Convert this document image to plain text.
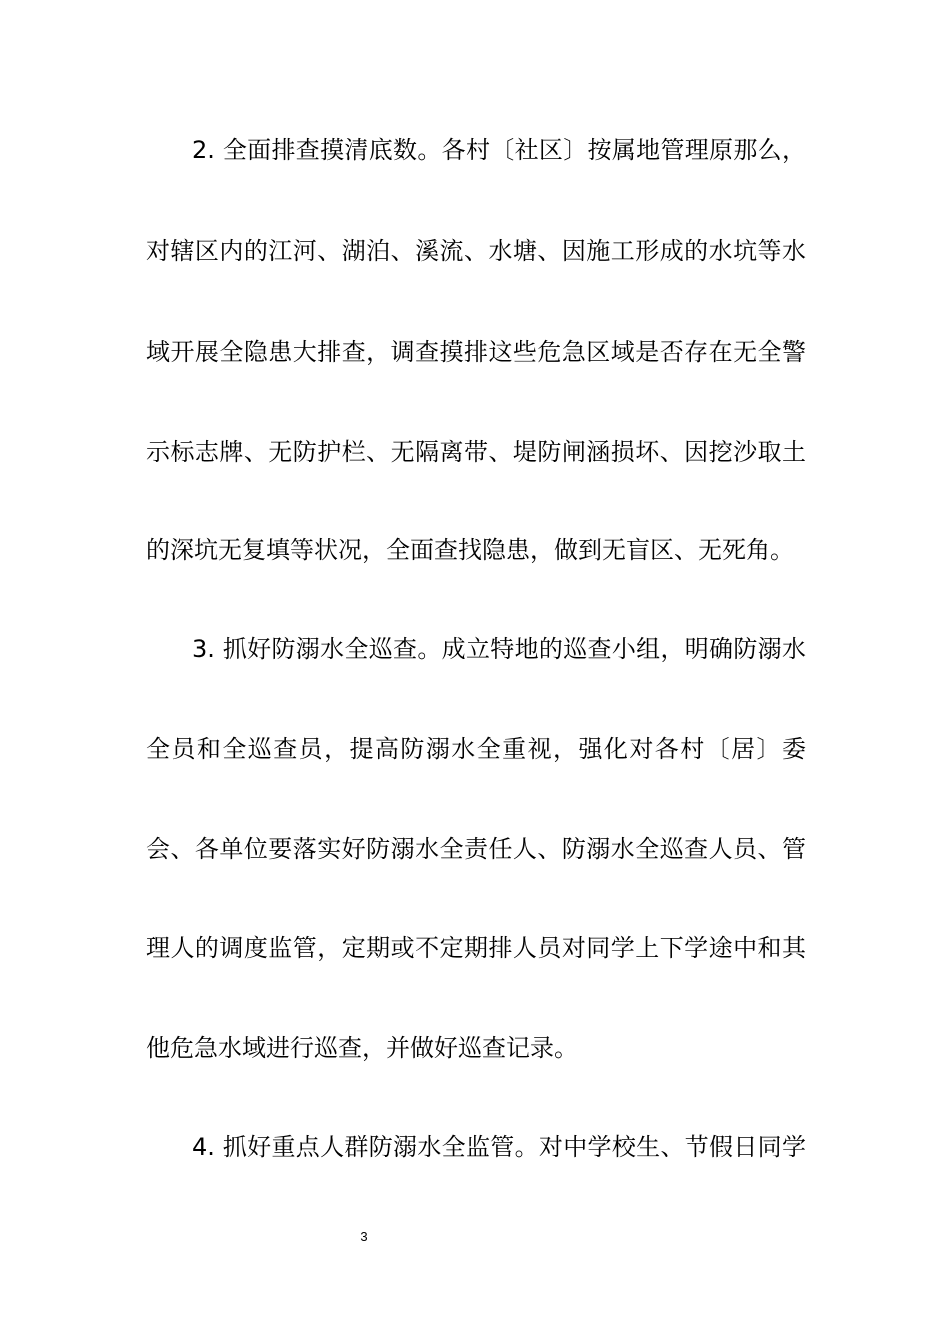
2. 全面排查摸清底数。各村〔社区〕按属地管理原那么，
对辖区内的江河、湖泊、溪流、水塘、因施工形成的水坑等水
域开展全隐患大排查，调查摸排这些危急区域是否存在无全警
示标志牌、无防护栏、无隔离带、堤防闸涵损坏、因挖沙取土
的深坑无复填等状况，全面查找隐患，做到无盲区、无死角。
3. 抓好防溺水全巡查。成立特地的巡查小组，明确防溺水
全员和全巡查员，提高防溺水全重视，强化对各村〔居〕委
会、各单位要落实好防溺水全责任人、防溺水全巡查人员、管
理人的调度监管，定期或不定期排人员对同学上下学途中和其
他危急水域进行巡查，并做好巡查记录。
4. 抓好重点人群防溺水全监管。对中学校生、节假日同学
3
